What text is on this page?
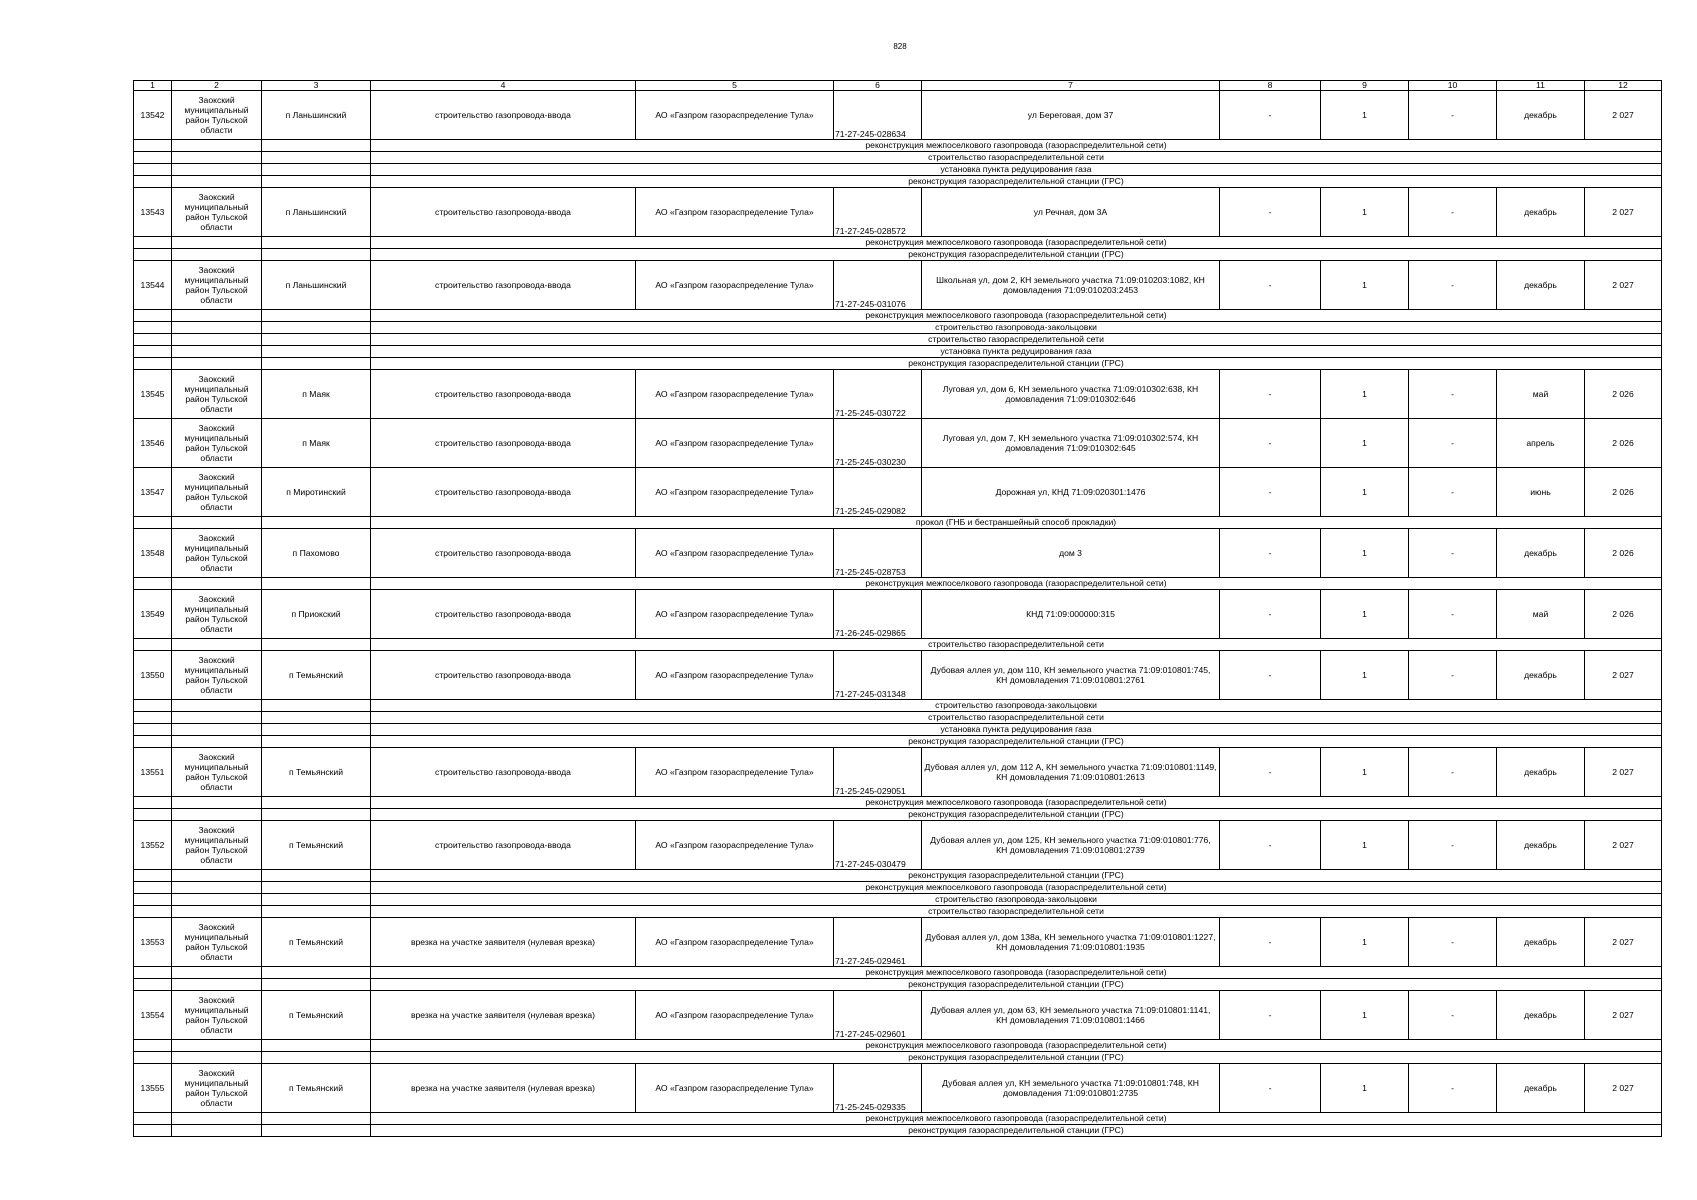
828
1	2	3	4	5	6	7	8	9	10	11	12
13542	Заокский муниципальный район Тульской области	п Ланьшинский	строительство газопровода-ввода	АО «Газпром газораспределение Тула»	71-27-245-028634	ул Береговая, дом 37	-	1	-	декабрь	2 027
			реконструкция межпоселкового газопровода (газораспределительной сети)								
			строительство газораспределительной сети								
			установка пункта редуцирования газа								
			реконструкция газораспределительной станции (ГРС)								
13543	Заокский муниципальный район Тульской области	п Ланьшинский	строительство газопровода-ввода	АО «Газпром газораспределение Тула»	71-27-245-028572	ул Речная, дом 3А	-	1	-	декабрь	2 027
			реконструкция межпоселкового газопровода (газораспределительной сети)								
			реконструкция газораспределительной станции (ГРС)								
13544	Заокский муниципальный район Тульской области	п Ланьшинский	строительство газопровода-ввода	АО «Газпром газораспределение Тула»	71-27-245-031076	Школьная ул, дом 2, КН земельного участка 71:09:010203:1082, КН домовладения 71:09:010203:2453	-	1	-	декабрь	2 027
			реконструкция межпоселкового газопровода (газораспределительной сети)								
			строительство газопровода-закольцовки								
			строительство газораспределительной сети								
			установка пункта редуцирования газа								
			реконструкция газораспределительной станции (ГРС)								
13545	Заокский муниципальный район Тульской области	п Маяк	строительство газопровода-ввода	АО «Газпром газораспределение Тула»	71-25-245-030722	Луговая ул, дом 6, КН земельного участка 71:09:010302:638, КН домовладения 71:09:010302:646	-	1	-	май	2 026
13546	Заокский муниципальный район Тульской области	п Маяк	строительство газопровода-ввода	АО «Газпром газораспределение Тула»	71-25-245-030230	Луговая ул, дом 7, КН земельного участка 71:09:010302:574, КН домовладения 71:09:010302:645	-	1	-	апрель	2 026
13547	Заокский муниципальный район Тульской области	п Миротинский	строительство газопровода-ввода	АО «Газпром газораспределение Тула»	71-25-245-029082	Дорожная ул, КНД 71:09:020301:1476	-	1	-	июнь	2 026
			прокол (ГНБ и бестраншейный способ прокладки)								
13548	Заокский муниципальный район Тульской области	п Пахомово	строительство газопровода-ввода	АО «Газпром газораспределение Тула»	71-25-245-028753	дом 3	-	1	-	декабрь	2 026
			реконструкция межпоселкового газопровода (газораспределительной сети)								
13549	Заокский муниципальный район Тульской области	п Приокский	строительство газопровода-ввода	АО «Газпром газораспределение Тула»	71-26-245-029865	КНД 71:09:000000:315	-	1	-	май	2 026
			строительство газораспределительной сети								
13550	Заокский муниципальный район Тульской области	п Темьянский	строительство газопровода-ввода	АО «Газпром газораспределение Тула»	71-27-245-031348	Дубовая аллея ул, дом 110, КН земельного участка 71:09:010801:745, КН домовладения 71:09:010801:2761	-	1	-	декабрь	2 027
			строительство газопровода-закольцовки								
			строительство газораспределительной сети								
			установка пункта редуцирования газа								
			реконструкция газораспределительной станции (ГРС)								
13551	Заокский муниципальный район Тульской области	п Темьянский	строительство газопровода-ввода	АО «Газпром газораспределение Тула»	71-25-245-029051	Дубовая аллея ул, дом 112 А, КН земельного участка 71:09:010801:1149, КН домовладения 71:09:010801:2613	-	1	-	декабрь	2 027
			реконструкция межпоселкового газопровода (газораспределительной сети)								
			реконструкция газораспределительной станции (ГРС)								
13552	Заокский муниципальный район Тульской области	п Темьянский	строительство газопровода-ввода	АО «Газпром газораспределение Тула»	71-27-245-030479	Дубовая аллея ул, дом 125, КН земельного участка 71:09:010801:776, КН домовладения 71:09:010801:2739	-	1	-	декабрь	2 027
			реконструкция газораспределительной станции (ГРС)								
			реконструкция межпоселкового газопровода (газораспределительной сети)								
			строительство газопровода-закольцовки								
			строительство газораспределительной сети								
13553	Заокский муниципальный район Тульской области	п Темьянский	врезка на участке заявителя (нулевая врезка)	АО «Газпром газораспределение Тула»	71-27-245-029461	Дубовая аллея ул, дом 138а, КН земельного участка 71:09:010801:1227, КН домовладения 71:09:010801:1935	-	1	-	декабрь	2 027
			реконструкция межпоселкового газопровода (газораспределительной сети)								
			реконструкция газораспределительной станции (ГРС)								
13554	Заокский муниципальный район Тульской области	п Темьянский	врезка на участке заявителя (нулевая врезка)	АО «Газпром газораспределение Тула»	71-27-245-029601	Дубовая аллея ул, дом 63, КН земельного участка 71:09:010801:1141, КН домовладения 71:09:010801:1466	-	1	-	декабрь	2 027
			реконструкция межпоселкового газопровода (газораспределительной сети)								
			реконструкция газораспределительной станции (ГРС)								
13555	Заокский муниципальный район Тульской области	п Темьянский	врезка на участке заявителя (нулевая врезка)	АО «Газпром газораспределение Тула»	71-25-245-029335	Дубовая аллея ул, КН земельного участка 71:09:010801:748, КН домовладения 71:09:010801:2735	-	1	-	декабрь	2 027
			реконструкция межпоселкового газопровода (газораспределительной сети)								
			реконструкция газораспределительной станции (ГРС)								
